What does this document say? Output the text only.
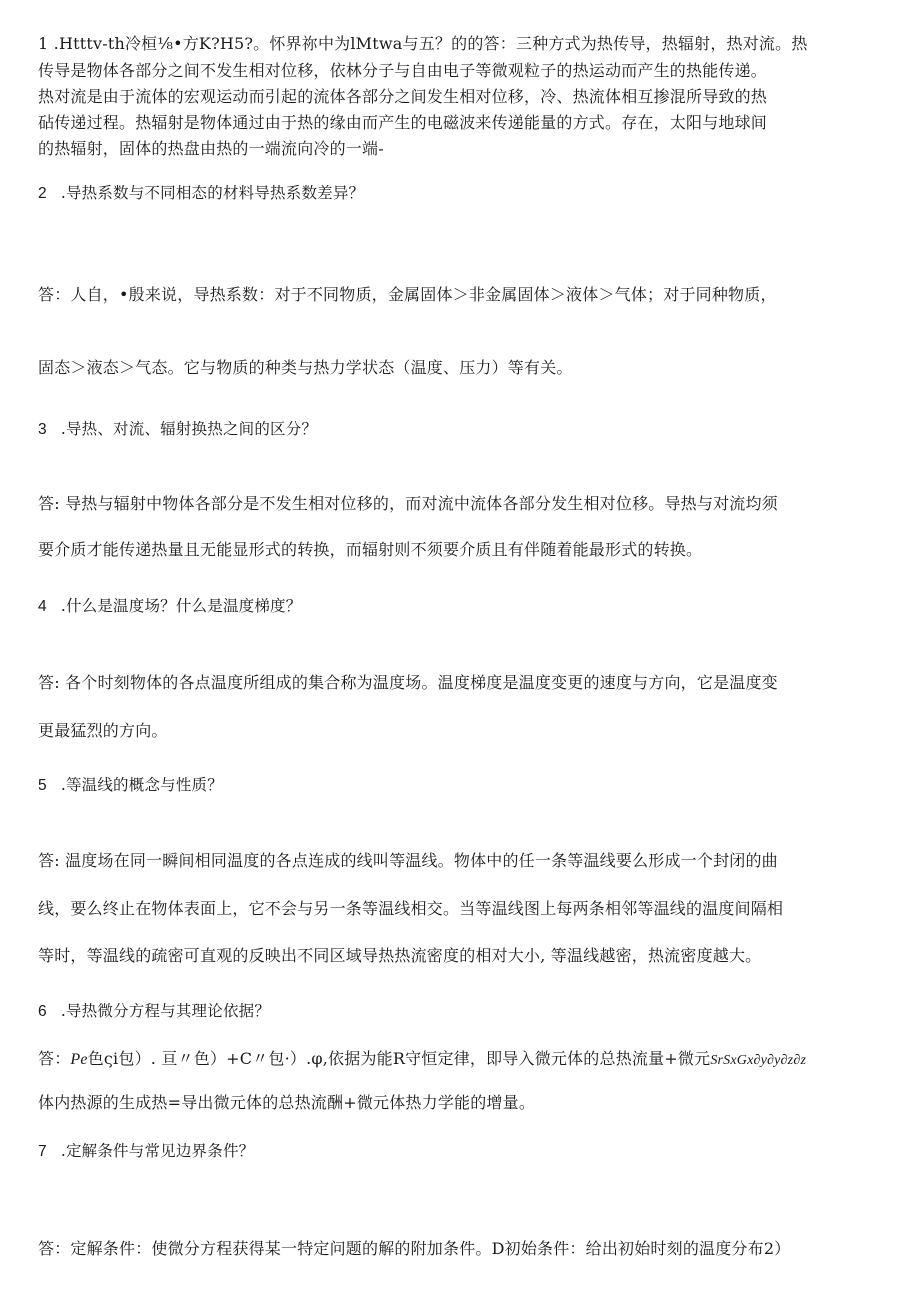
1 .Htttv-th冷桓⅛•方K?H5?。怀界祢中为lMtwa与五？的的答：三种方式为热传导，热辐射，热对流。热

传导是物体各部分之间不发生相对位移，依林分子与自由电子等微观粒子的热运动而产生的热能传递。

热对流是由于流体的宏观运动而引起的流体各部分之间发生相对位移，冷、热流体相互掺混所导致的热

砧传递过程。热辐射是物体通过由于热的缘由而产生的电磁波来传递能量的方式。存在，太阳与地球间

的热辐射，固体的热盘由热的一端流向冷的一端-

2 .导热系数与不同相态的材料导热系数差异？

答：人自，•殷来说，导热系数：对于不同物质，金属固体＞非金属固体＞液体＞气体；对于同种物质，

固态＞液态＞气态。它与物质的种类与热力学状态（温度、压力）等有关。

3 .导热、对流、辐射换热之间的区分？

答: 导热与辐射中物体各部分是不发生相对位移的，而对流中流体各部分发生相对位移。导热与对流均须

要介质才能传递热量且无能显形式的转换，而辐射则不须要介质且有伴随着能最形式的转换。

4 .什么是温度场？什么是温度梯度？

答: 各个时刻物体的各点温度所组成的集合称为温度场。温度梯度是温度变更的速度与方向，它是温度变

更最猛烈的方向。

5 .等温线的概念与性质？

答: 温度场在同一瞬间相同温度的各点连成的线叫等温线。物体中的任一条等温线要么形成一个封闭的曲

线，要么终止在物体表面上，它不会与另一条等温线相交。当等温线图上每两条相邻等温线的温度间隔相

等时，等温线的疏密可直观的反映出不同区域导热热流密度的相对大小, 等温线越密，热流密度越大。

6 .导热微分方程与其理论依据？

答：Pe色ςi包）. 亘〃色）+C〃包·）.φ,依据为能R守恒定律，即导入微元体的总热流量+微元SrSxGx∂y∂y∂z∂z

体内热源的生成热=导出微元体的总热流酬+微元体热力学能的增量。

7 .定解条件与常见边界条件？

答：定解条件：使微分方程获得某一特定问题的解的附加条件。D初始条件：给出初始时刻的温度分布2）
